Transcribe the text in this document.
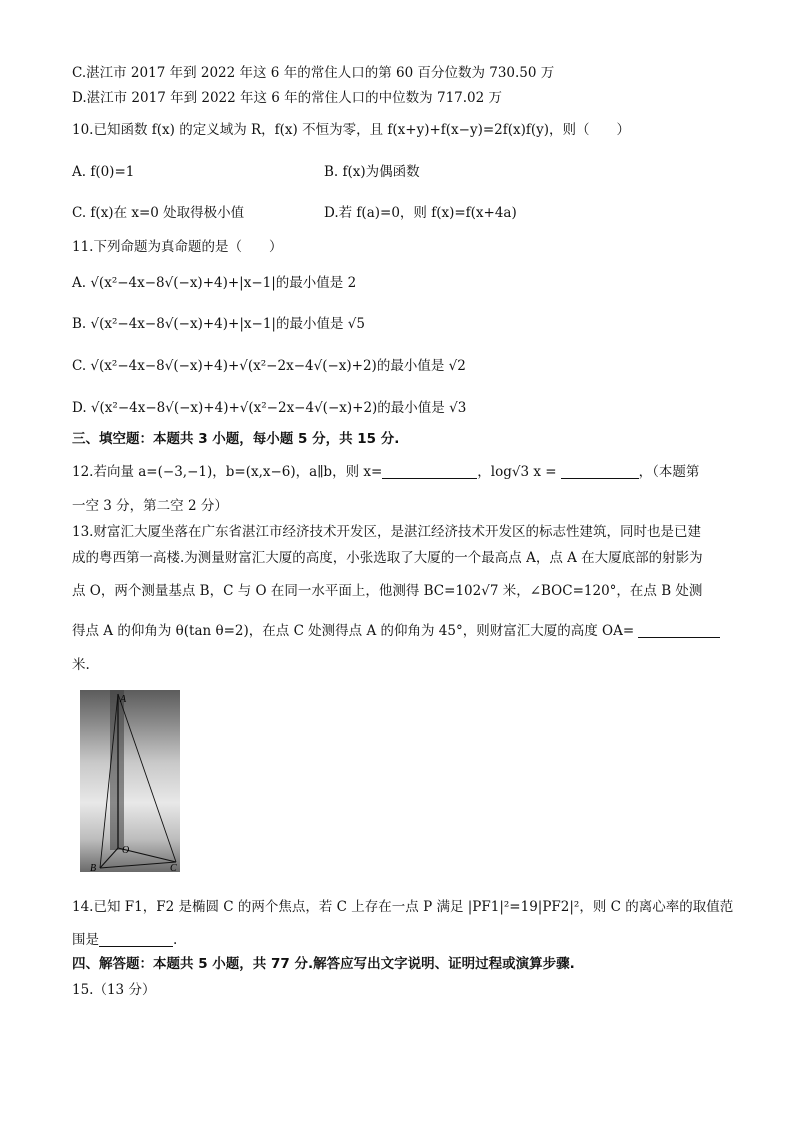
C.湛江市 2017 年到 2022 年这 6 年的常住人口的第 60 百分位数为 730.50 万
D.湛江市 2017 年到 2022 年这 6 年的常住人口的中位数为 717.02 万
10.已知函数 f(x) 的定义域为 R，f(x) 不恒为零，且 f(x+y)+f(x−y)=2f(x)f(y)，则（　　）
A. f(0)=1	B. f(x)为偶函数
C. f(x)在 x=0 处取得极小值	D.若 f(a)=0，则 f(x)=f(x+4a)
11.下列命题为真命题的是（　　）
A. √(x²−4x−8√(−x)+4)+|x−1|的最小值是 2
B. √(x²−4x−8√(−x)+4)+|x−1|的最小值是 √5
C. √(x²−4x−8√(−x)+4)+√(x²−2x−4√(−x)+2)的最小值是 √2
D. √(x²−4x−8√(−x)+4)+√(x²−2x−4√(−x)+2)的最小值是 √3
三、填空题：本题共 3 小题，每小题 5 分，共 15 分.
12.若向量 a=(−3,−1)，b=(x,x−6)，a∥b，则 x=	，log√3 x =	，（本题第
一空 3 分，第二空 2 分）
13.财富汇大厦坐落在广东省湛江市经济技术开发区，是湛江经济技术开发区的标志性建筑，同时也是已建
成的粤西第一高楼.为测量财富汇大厦的高度，小张选取了大厦的一个最高点 A，点 A 在大厦底部的射影为
点 O，两个测量基点 B，C 与 O 在同一水平面上，他测得 BC=102√7 米，∠BOC=120°，在点 B 处测
得点 A 的仰角为 θ(tan θ=2)，在点 C 处测得点 A 的仰角为 45°，则财富汇大厦的高度 OA=
米.
A
O
B	C
14.已知 F1，F2 是椭圆 C 的两个焦点，若 C 上存在一点 P 满足 |PF1|²=19|PF2|²，则 C 的离心率的取值范
围是	.
四、解答题：本题共 5 小题，共 77 分.解答应写出文字说明、证明过程或演算步骤.
15.（13 分）
